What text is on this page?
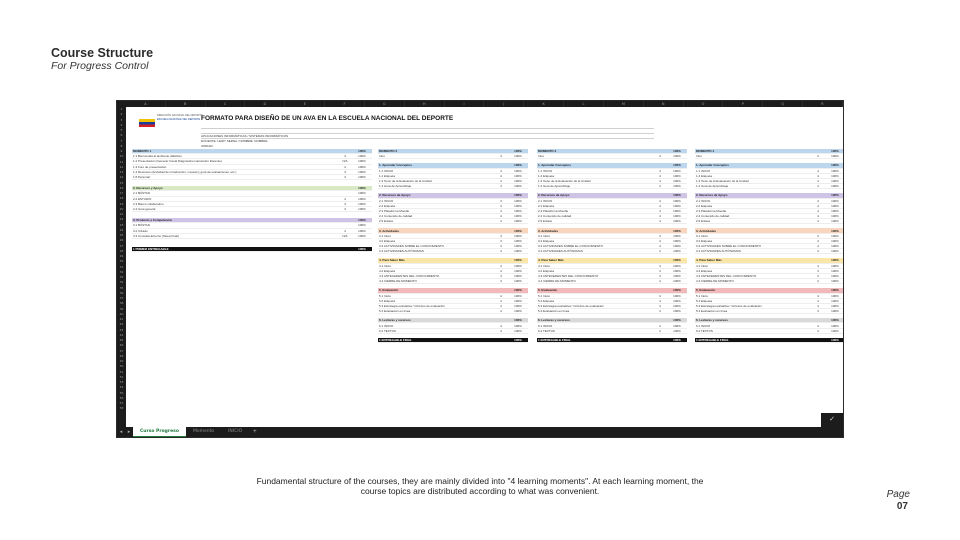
Course Structure
For Progress Control
A	B	C	D	E	F	G	H	I	J	K	L	M	N	O	P	Q	R
1
2
3
4
5
6
7
8
9
10
11
12
13
14
15
16
17
18
19
20
21
22
23
24
25
26
27
28
29
30
31
32
33
34
35
36
37
38
39
40
41
42
43
44
45
46
47
48
49
50
51
52
53
54
55
56
57
58
DIRECCIÓN NACIONAL DEL DEPORTE
ESCUELA NACIONAL DEL DEPORTE FORMATO PARA DISEÑO DE UN AVA EN LA ESCUELA NACIONAL DEL DEPORTE
APLICACIONES INFORMÁTICAS / SISTEMAS INFORMÁTICOS
DOCENTE: LEIDY SERNA / NOMBRE: NOMBRE
UNIDAD:
MOMENTO 1	100%
1.1 Bienvenida al ambiente didáctico	4	100%
1.2 Presentación (Generar Canal Diagnóstico interacción Docente)	N/A	100%
1.3 Foro de presentación	4	100%
1.4 Recursos (Actividad de introducción, manual y guía de evaluaciones, etc.)	4	100%
1.5 Personal	4	100%
2. Recursos y Apoyo	100%
2.1 BÚSTAN	100%
2.2 ESTUDIO	4	100%
2.3 Banco colaborativo	4	100%
2.4 Guía general	4	100%
3. Producto y Competencia	100%
3.1 BÚSTAN	100%
3.2 Cifrado	4	100%
3.3 Consulta Entorno (Tarea Final)	N/A	100%
1 PRIMER ENTREGABLE	100%
MOMENTO 2	100%
Intro	4	100%
1. Aprender Conceptos	100%
1.1 INICIO	4	100%
1.2 Etiqueta	4	100%
1.3 Texto de la Evaluación de la Unidad	4	100%
1.4 Guía de Aprendizaje	4	100%
2. Recursos de Apoyo	100%
2.1 INICIO	4	100%
2.2 Etiqueta	4	100%
2.3 Plataforma Moodle	4	100%
2.4 Contenido de calidad	4	100%
2.5 Enlace	4	100%
3. Actividades	100%
3.1 Inicio	4	100%
3.2 Etiqueta	4	100%
3.3 ACTIVIDADES SOBRE EL CONOCIMIENTO	4	100%
3.4 ACTIVIDADES AUTÓNOMAS	4	100%
4. Para Saber Más	100%
4.1 Inicio	4	100%
4.2 Etiqueta	4	100%
4.3 ANTECEDENTES DEL CONOCIMIENTO	4	100%
4.4 CIERRE DE MOMENTO	4	100%
5. Evaluación	100%
5.1 Inicio	4	100%
5.2 Etiqueta	4	100%
5.3 Estrategia evaluativa / Criterios de evaluación	4	100%
5.4 Evaluación en línea	4	100%
6. Lecturas y recursos	100%
6.1 INICIO	4	100%
6.2 TEXTOS	4	100%
1 ENTREGABLE FINAL	100%
MOMENTO 3	100%
Intro	4	100%
1. Aprender Conceptos	100%
1.1 INICIO	4	100%
1.2 Etiqueta	4	100%
1.3 Texto de la Evaluación de la Unidad	4	100%
1.4 Guía de Aprendizaje	4	100%
2. Recursos de Apoyo	100%
2.1 INICIO	4	100%
2.2 Etiqueta	4	100%
2.3 Plataforma Moodle	4	100%
2.4 Contenido de calidad	4	100%
2.5 Enlace	4	100%
3. Actividades	100%
3.1 Inicio	4	100%
3.2 Etiqueta	4	100%
3.3 ACTIVIDADES SOBRE EL CONOCIMIENTO	4	100%
3.4 ACTIVIDADES AUTÓNOMAS	4	100%
4. Para Saber Más	100%
4.1 Inicio	4	100%
4.2 Etiqueta	4	100%
4.3 ANTECEDENTES DEL CONOCIMIENTO	4	100%
4.4 CIERRE DE MOMENTO	4	100%
5. Evaluación	100%
5.1 Inicio	4	100%
5.2 Etiqueta	4	100%
5.3 Estrategia evaluativa / Criterios de evaluación	4	100%
5.4 Evaluación en línea	4	100%
6. Lecturas y recursos	100%
6.1 INICIO	4	100%
6.2 TEXTOS	4	100%
1 ENTREGABLE FINAL	100%
MOMENTO 4	100%
Intro	4	100%
1. Aprender Conceptos	100%
1.1 INICIO	4	100%
1.2 Etiqueta	4	100%
1.3 Texto de la Evaluación de la Unidad	4	100%
1.4 Guía de Aprendizaje	4	100%
2. Recursos de Apoyo	100%
2.1 INICIO	4	100%
2.2 Etiqueta	4	100%
2.3 Plataforma Moodle	4	100%
2.4 Contenido de calidad	4	100%
2.5 Enlace	4	100%
3. Actividades	100%
3.1 Inicio	4	100%
3.2 Etiqueta	4	100%
3.3 ACTIVIDADES SOBRE EL CONOCIMIENTO	4	100%
3.4 ACTIVIDADES AUTÓNOMAS	4	100%
4. Para Saber Más	100%
4.1 Inicio	4	100%
4.2 Etiqueta	4	100%
4.3 ANTECEDENTES DEL CONOCIMIENTO	4	100%
4.4 CIERRE DE MOMENTO	4	100%
5. Evaluación	100%
5.1 Inicio	4	100%
5.2 Etiqueta	4	100%
5.3 Estrategia evaluativa / Criterios de evaluación	4	100%
5.4 Evaluación en línea	4	100%
6. Lecturas y recursos	100%
6.1 INICIO	4	100%
6.2 TEXTOS	4	100%
1 ENTREGABLE FINAL	100%
✓
◂	▸	Curso Progreso	Momento	INICIO	+
Fundamental structure of the courses, they are mainly divided into "4 learning moments". At each learning moment, the course topics are distributed according to what was convenient.	Page
07
